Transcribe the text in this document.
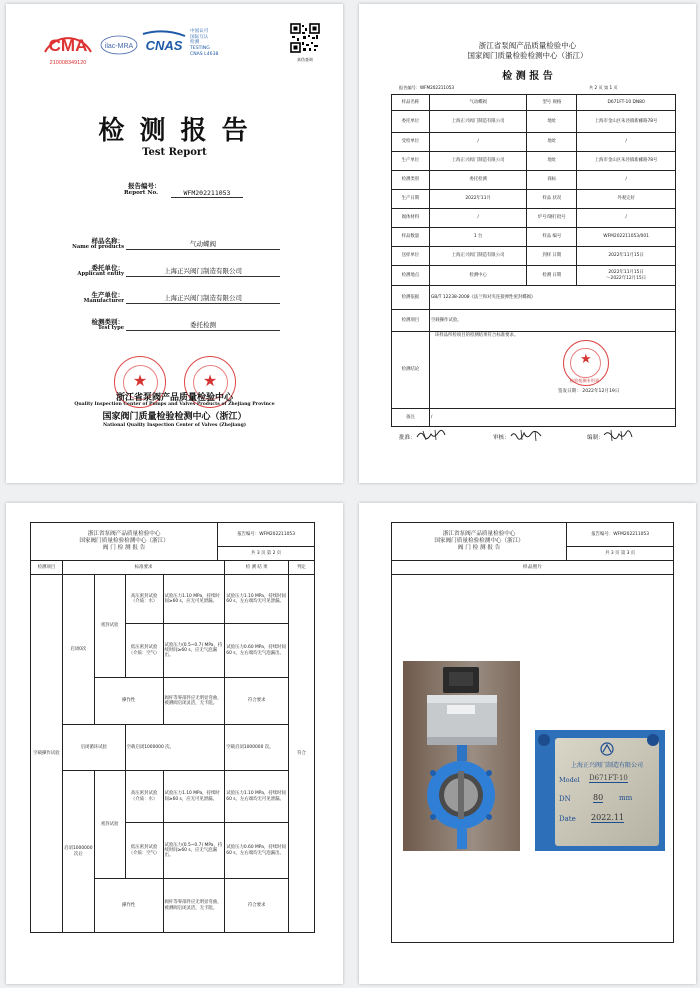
CMA
210008349120
ilac-MRA CNAS
中国认可
国际互认
检测
TESTING
CNAS L4638
真伪查询
检 测 报 告
Test Report
报告编号：
Report No.	WFM202211053
样品名称：
Name of products	气动蝶阀
委托单位：
Applicant entity	上海正兴阀门制造有限公司
生产单位：
Manufacturer	上海正兴阀门制造有限公司
检测类别：
Test type	委托检测
★	★
浙江省泵阀产品质量检验中心
Quality Inspection Center of Pumps and Valves Products of Zhejiang Province
国家阀门质量检验检测中心（浙江）
National Quality Inspection Center of Valves (Zhejiang)
浙江省泵阀产品质量检验中心
国家阀门质量检验检测中心（浙江）
检 测 报 告
报告编号：WFM202211053	共 2 页 第 1 页
样品名称	气动蝶阀	型号 规格	D671FT-10 DN80
委托单位	上海正兴阀门制造有限公司	地址	上海市金山区朱泾镇新郦路78号
受检单位	/	地址	/
生产单位	上海正兴阀门制造有限公司	地址	上海市金山区朱泾镇新郦路78号
检测类别	委托检测	商标	/
生产日期	2022年11月	样品 状况	外观完好
阀体材料	/	炉号/钢打批号	/
样品数量	1 台	样品 编号	WFM202211053/001
送样单位	上海正兴阀门制造有限公司	到样 日期	2022年11月15日
检测地点	检测中心	检测 日期	2022年11月15日
～2022年12月15日
检测依据	GB/T 12238-2008《法兰和对夹连接弹性密封蝶阀》		
检测项目	空载操作试验。		
检测结论	该样品所检项目的检测结果符合标准要求。
★
检验检测专用章
签发日期： 2022年12月19日		

备注	/		
批准：	审核：	编制：
浙江省泵阀产品质量检验中心
国家阀门质量检验检测中心（浙江）
阀 门 检 测 报 告
	报告编号：WFM202211053
共 3 页 第 2 页
检测项目	标准要求				检 测 结 果	判定
空载操作试验	启闭0次	密封试验	高压密封试验（介质：水）	试验压力1.10 MPa，持续时间≥60 s，应无可见泄漏。	试验压力1.10 MPa，持续时间60 s，左右端均无可见泄漏。	符合
			低压密封试验（介质：空气）	试验压力(0.5~0.7) MPa，持续时间≥60 s，应无气泡漏出。	试验压力0.60 MPa，持续时间60 s，左右端均无气泡漏出。	
		操作性		阀杆等零部件应无明显弯曲，被测阀启闭灵活，无卡阻。	符合要求	
	启闭循环试验		空载启闭1000000 次。		空载启闭1000000 次。	
	启闭1000000次后	密封试验	高压密封试验（介质：水）	试验压力1.10 MPa，持续时间≥60 s，应无可见泄漏。	试验压力1.10 MPa，持续时间60 s，左右端均无可见泄漏。	
			低压密封试验（介质：空气）	试验压力(0.5~0.7) MPa，持续时间≥60 s，应无气泡漏出。	试验压力0.60 MPa，持续时间60 s，左右端均无气泡漏出。	
		操作性		阀杆等零部件应无明显弯曲，被测阀启闭灵活，无卡阻。	符合要求	
浙江省泵阀产品质量检验中心
国家阀门质量检验检测中心（浙江）
阀 门 检 测 报 告
	报告编号：WFM202211053
共 3 页 第 3 页
样品照片
上海正兴阀门制造有限公司
Model D671FT-10
DN	80 mm
Date 2022.11
